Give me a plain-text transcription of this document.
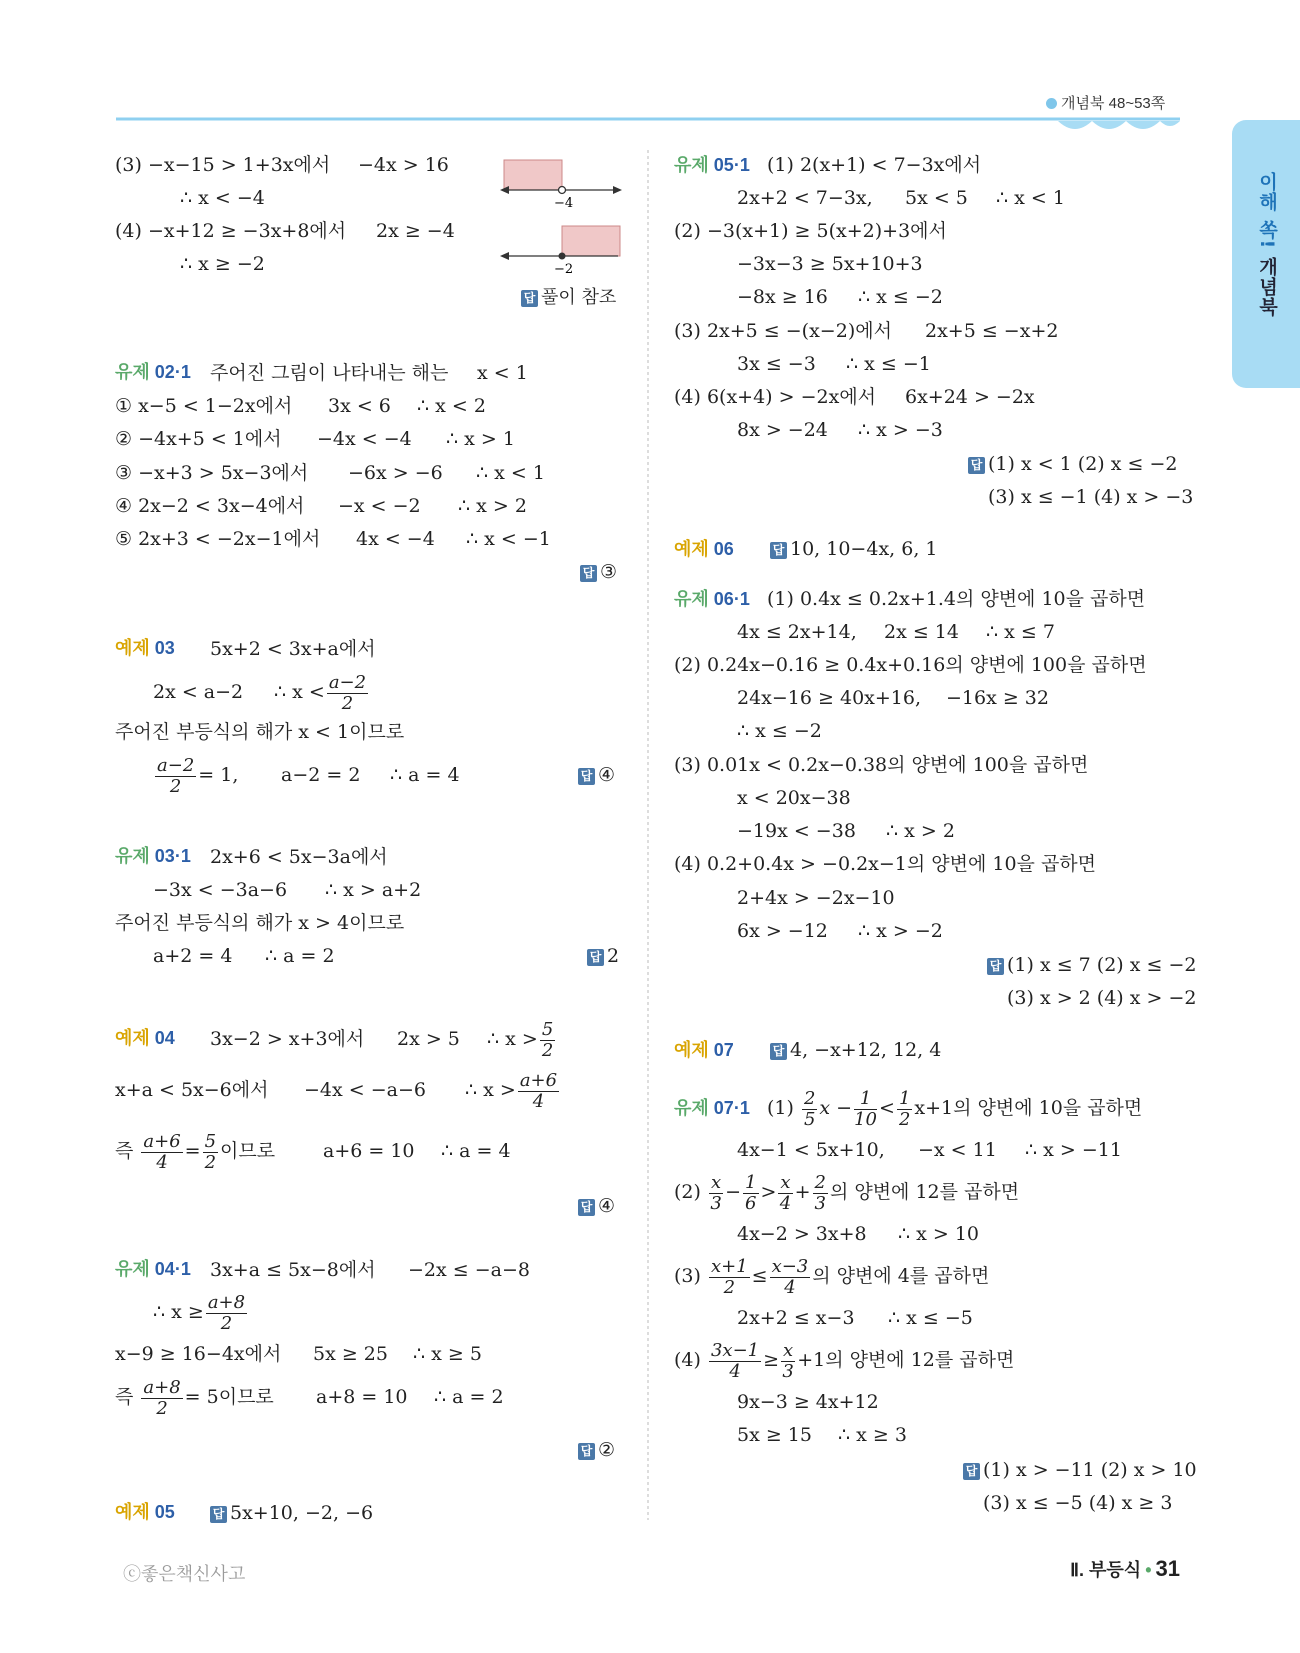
개념북 48~53쪽
이해 쏙! 개념북
(3) −x−15 > 1+3x에서 −4x > 16
∴ x < −4
(4) −x+12 ≥ −3x+8에서 2x ≥ −4
∴ x ≥ −2
−4
−2
답 풀이 참조
유제 02·1 주어진 그림이 나타내는 해는 x < 1
① x−5 < 1−2x에서 3x < 6 ∴ x < 2
② −4x+5 < 1에서 −4x < −4 ∴ x > 1
③ −x+3 > 5x−3에서 −6x > −6 ∴ x < 1
④ 2x−2 < 3x−4에서 −x < −2 ∴ x > 2
⑤ 2x+3 < −2x−1에서 4x < −4 ∴ x < −1
답 ③
예제 03 5x+2 < 3x+a에서
2x < a−2 ∴ $x < \frac{a-2}{2}$
주어진 부등식의 해가 x < 1이므로
$\frac{a-2}{2} = 1$, a−2 = 2 ∴ a = 4	답 ④
유제 03·1 2x+6 < 5x−3a에서
−3x < −3a−6 ∴ x > a+2
주어진 부등식의 해가 x > 4이므로
a+2 = 4 ∴ a = 2	답 2
예제 04 3x−2 > x+3에서 2x > 5 ∴ $x > \frac{5}{2}$
x+a < 5x−6에서 −4x < −a−6 ∴ $x > \frac{a+6}{4}$
즉 $\frac{a+6}{4} = \frac{5}{2}$ 이므로	a+6 = 10 ∴ a = 4
답 ④
유제 04·1 3x+a ≤ 5x−8에서 −2x ≤ −a−8
∴ $x \ge \frac{a+8}{2}$
x−9 ≥ 16−4x에서 5x ≥ 25 ∴ x ≥ 5
즉 $\frac{a+8}{2} = 5$이므로 a+8 = 10 ∴ a = 2
답 ②
예제 05	답 5x+10, −2, −6
유제 05·1 (1) 2(x+1) < 7−3x에서
2x+2 < 7−3x, 5x < 5 ∴ x < 1
(2) −3(x+1) ≥ 5(x+2)+3에서
−3x−3 ≥ 5x+10+3
−8x ≥ 16 ∴ x ≤ −2
(3) 2x+5 ≤ −(x−2)에서 2x+5 ≤ −x+2
3x ≤ −3 ∴ x ≤ −1
(4) 6(x+4) > −2x에서 6x+24 > −2x
8x > −24 ∴ x > −3
답 (1) x < 1 (2) x ≤ −2
(3) x ≤ −1 (4) x > −3
예제 06	답 10, 10−4x, 6, 1
유제 06·1 (1) 0.4x ≤ 0.2x+1.4의 양변에 10을 곱하면
4x ≤ 2x+14, 2x ≤ 14 ∴ x ≤ 7
(2) 0.24x−0.16 ≥ 0.4x+0.16의 양변에 100을 곱하면
24x−16 ≥ 40x+16, −16x ≥ 32
∴ x ≤ −2
(3) 0.01x < 0.2x−0.38의 양변에 100을 곱하면
x < 20x−38
−19x < −38 ∴ x > 2
(4) 0.2+0.4x > −0.2x−1의 양변에 10을 곱하면
2+4x > −2x−10
6x > −12 ∴ x > −2
답 (1) x ≤ 7 (2) x ≤ −2
(3) x > 2 (4) x > −2
예제 07	답 4, −x+12, 12, 4
유제 07·1 $(1) \frac{2}{5}$ $x - \frac{1}{10} < \frac{1}{2} x+1$의 양변에 10을 곱하면
4x−1 < 5x+10, −x < 11 ∴ x > −11
$(2) \frac{x}{3} - \frac{1}{6} > \frac{x}{4} + \frac{2}{3}$ 의 양변에 12를 곱하면
4x−2 > 3x+8 ∴ x > 10
$(3) \frac{x+1}{2} \le \frac{x-3}{4}$ 의 양변에 4를 곱하면
2x+2 ≤ x−3 ∴ x ≤ −5
$(4) \frac{3x-1}{4} \ge \frac{x}{3} +1$의 양변에 12를 곱하면
9x−3 ≥ 4x+12
5x ≥ 15 ∴ x ≥ 3
답 (1) x > −11 (2) x > 10
(3) x ≤ −5 (4) x ≥ 3
ⓒ좋은책신사고	Ⅱ. 부등식 • 31
